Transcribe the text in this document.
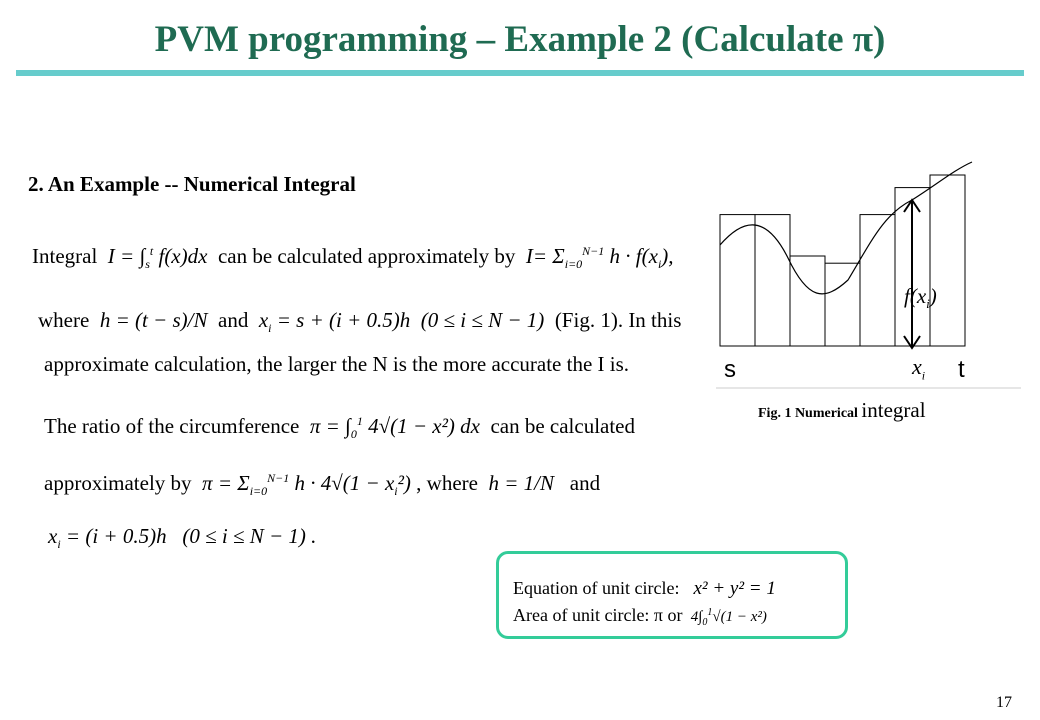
PVM programming – Example 2 (Calculate π)
2. An Example -- Numerical Integral
Integral  $I = \int_s^t$ f(x)dx  can be calculated approximately by  $I= \Sigma_{i=0}^{N-1}$ $h \cdot f(x_i)$,
where  h = (t − s)/N  and  $x_i = s + (i + 0.5)h$  (0 ≤ i ≤ N − 1)  (Fig. 1). In this
approximate calculation, the larger the N is the more accurate the I is.
The ratio of the circumference  $\pi = \int_0^1$ 4√(1 − x²) dx  can be calculated
approximately by  $\pi = \Sigma_{i=0}^{N-1}$ $h \cdot 4√(1 - x_i^2)$ , where  h = 1/N   and
$x_i = (i + 0.5)h$   (0 ≤ i ≤ N − 1) .
$f(x_i)$
s	$x_i$ t
Fig. 1 Numerical integral
Equation of unit circle:   x² + y² = 1
Area of unit circle: π or  $4\int_0^1√(1 - x^2)$
17
